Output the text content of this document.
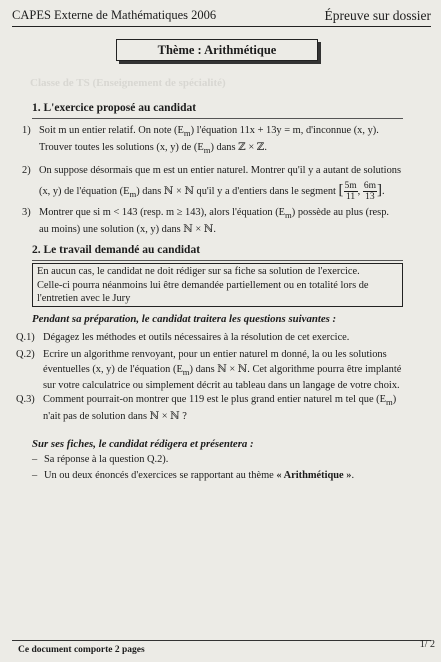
CAPES Externe de Mathématiques 2006	Épreuve sur dossier
Thème : Arithmétique
Classe de TS (Enseignement de spécialité)
1. L'exercice proposé au candidat
1) Soit m un entier relatif. On note $(E_m)$ l'équation 11x + 13y = m, d'inconnue (x, y).
Trouver toutes les solutions (x, y) de $(E_m)$ dans ℤ × ℤ.
2) On suppose désormais que m est un entier naturel. Montrer qu'il y a autant de solutions
(x, y) de l'équation $(E_m)$ dans ℕ × ℕ qu'il y a d'entiers dans le segment [ $\frac{5m}{11}$ , $\frac{6m}{13}$ ].
3) Montrer que si m < 143 (resp. m ≥ 143), alors l'équation $(E_m)$ possède au plus (resp.
au moins) une solution (x, y) dans ℕ × ℕ.
2. Le travail demandé au candidat
En aucun cas, le candidat ne doit rédiger sur sa fiche sa solution de l'exercice.
Celle-ci pourra néanmoins lui être demandée partiellement ou en totalité lors de
l'entretien avec le Jury
Pendant sa préparation, le candidat traitera les questions suivantes :
Q.1) Dégagez les méthodes et outils nécessaires à la résolution de cet exercice.
Q.2) Ecrire un algorithme renvoyant, pour un entier naturel m donné, la ou les solutions
éventuelles (x, y) de l'équation $(E_m)$ dans ℕ × ℕ. Cet algorithme pourra être implanté
sur votre calculatrice ou simplement décrit au tableau dans un langage de votre choix.
Q.3) Comment pourrait-on montrer que 119 est le plus grand entier naturel m tel que $(E_m)$
n'ait pas de solution dans ℕ × ℕ ?
Sur ses fiches, le candidat rédigera et présentera :
– Sa réponse à la question Q.2).
– Un ou deux énoncés d'exercices se rapportant au thème « Arithmétique ».
Ce document comporte 2 pages	1/ 2
